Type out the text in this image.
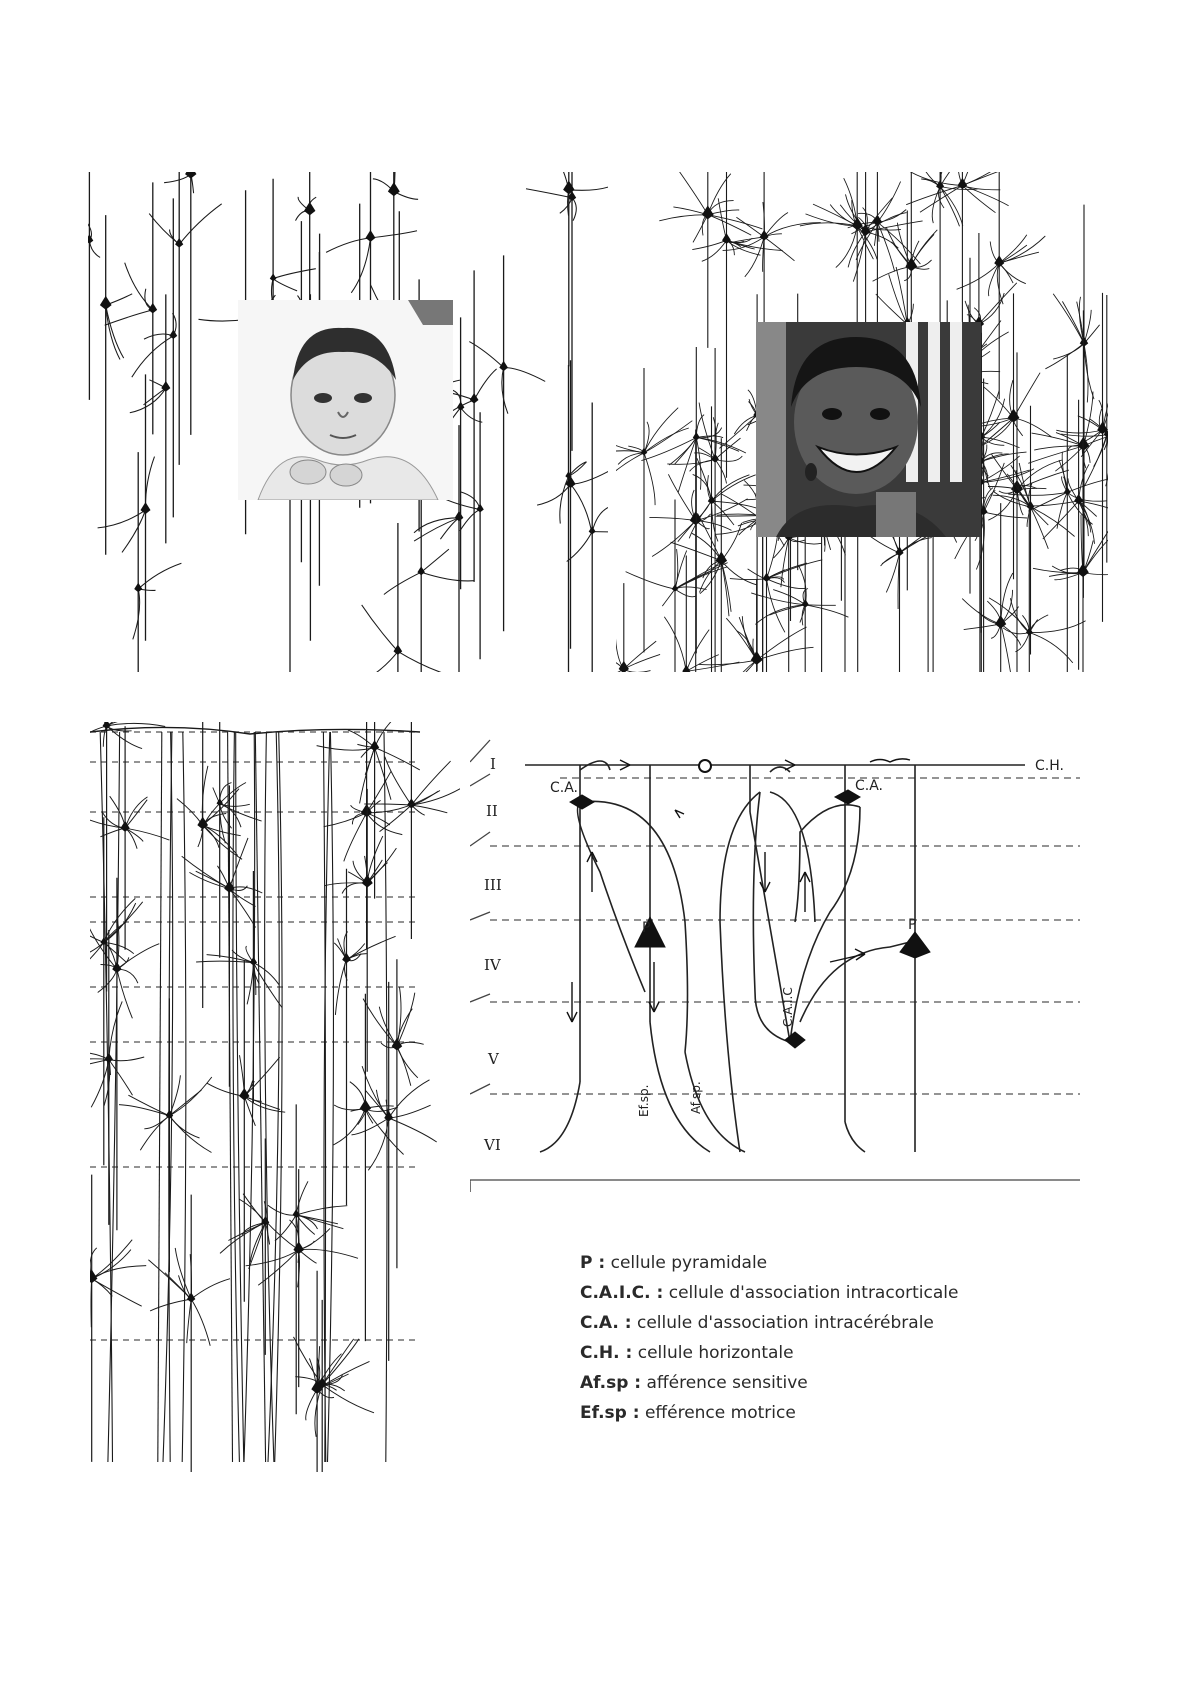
I
II
III
IV
V
VI
C.H.
C.A.	C.A.
P	P
C.A.I.C
Ef.sp.	Af.sp.
P : cellule pyramidale
C.A.I.C. : cellule d'association intracorticale
C.A. : cellule d'association intracérébrale
C.H. : cellule horizontale
Af.sp : afférence sensitive
Ef.sp : efférence motrice
